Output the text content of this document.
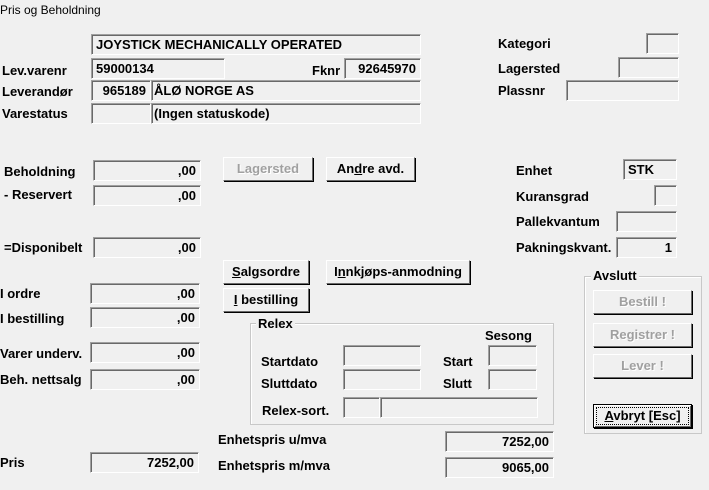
Pris og Beholdning
JOYSTICK MECHANICALLY OPERATED
Lev.varenr	59000134	Fknr	92645970
Leverandør	965189 ÅLØ NORGE AS
Varestatus	(Ingen statuskode)
Kategori
Lagersted
Plassnr
Enhet	STK
Kuransgrad
Pallekvantum
Pakningskvant.	1
Beholdning	,00
- Reservert	,00
=Disponibelt	,00
I ordre	,00
I bestilling	,00
Varer underv.	,00
Beh. nettsalg	,00
Lagersted	Andre avd.
Salgsordre	Innkjøps-anmodning
I bestilling
Relex
Sesong
Startdato	Start
Sluttdato	Slutt
Relex-sort.
Avslutt
Bestill !
Registrer !
Lever !
Avbryt [Esc]
Pris	7252,00
Enhetspris u/mva	7252,00
Enhetspris m/mva	9065,00
